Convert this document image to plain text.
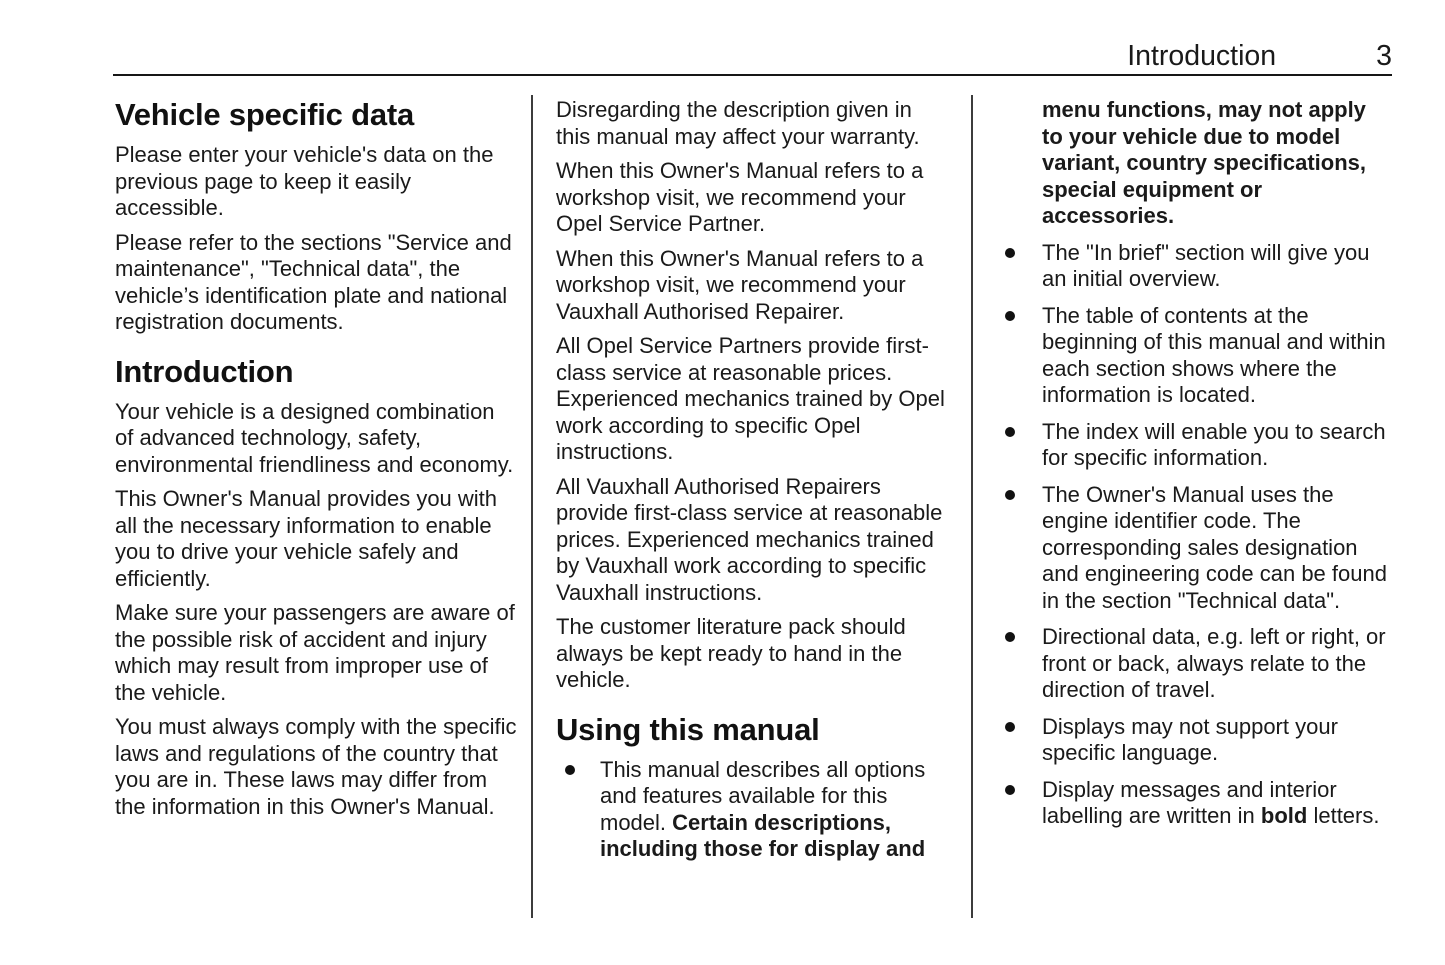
Introduction	3
Vehicle specific data

Please enter your vehicle's data on the previous page to keep it easily accessible.

Please refer to the sections "Service and maintenance", "Technical data", the vehicle’s identification plate and national registration documents.

Introduction

Your vehicle is a designed combination of advanced technology, safety, environmental friendliness and economy.

This Owner's Manual provides you with all the necessary information to enable you to drive your vehicle safely and efficiently.

Make sure your passengers are aware of the possible risk of accident and injury which may result from improper use of the vehicle.

You must always comply with the specific laws and regulations of the country that you are in. These laws may differ from the information in this Owner's Manual.

Disregarding the description given in this manual may affect your warranty.

When this Owner's Manual refers to a workshop visit, we recommend your Opel Service Partner.

When this Owner's Manual refers to a workshop visit, we recommend your Vauxhall Authorised Repairer.

All Opel Service Partners provide first-class service at reasonable prices. Experienced mechanics trained by Opel work according to specific Opel instructions.

All Vauxhall Authorised Repairers provide first-class service at reasonable prices. Experienced mechanics trained by Vauxhall work according to specific Vauxhall instructions.

The customer literature pack should always be kept ready to hand in the vehicle.

Using this manual
This manual describes all options and features available for this model. Certain descriptions, including those for display and

menu functions, may not apply to your vehicle due to model variant, country specifications, special equipment or accessories.

The "In brief" section will give you an initial overview.
The table of contents at the beginning of this manual and within each section shows where the information is located.
The index will enable you to search for specific information.
The Owner's Manual uses the engine identifier code. The corresponding sales designation and engineering code can be found in the section "Technical data".
Directional data, e.g. left or right, or front or back, always relate to the direction of travel.
Displays may not support your specific language.
Display messages and interior labelling are written in bold letters.
